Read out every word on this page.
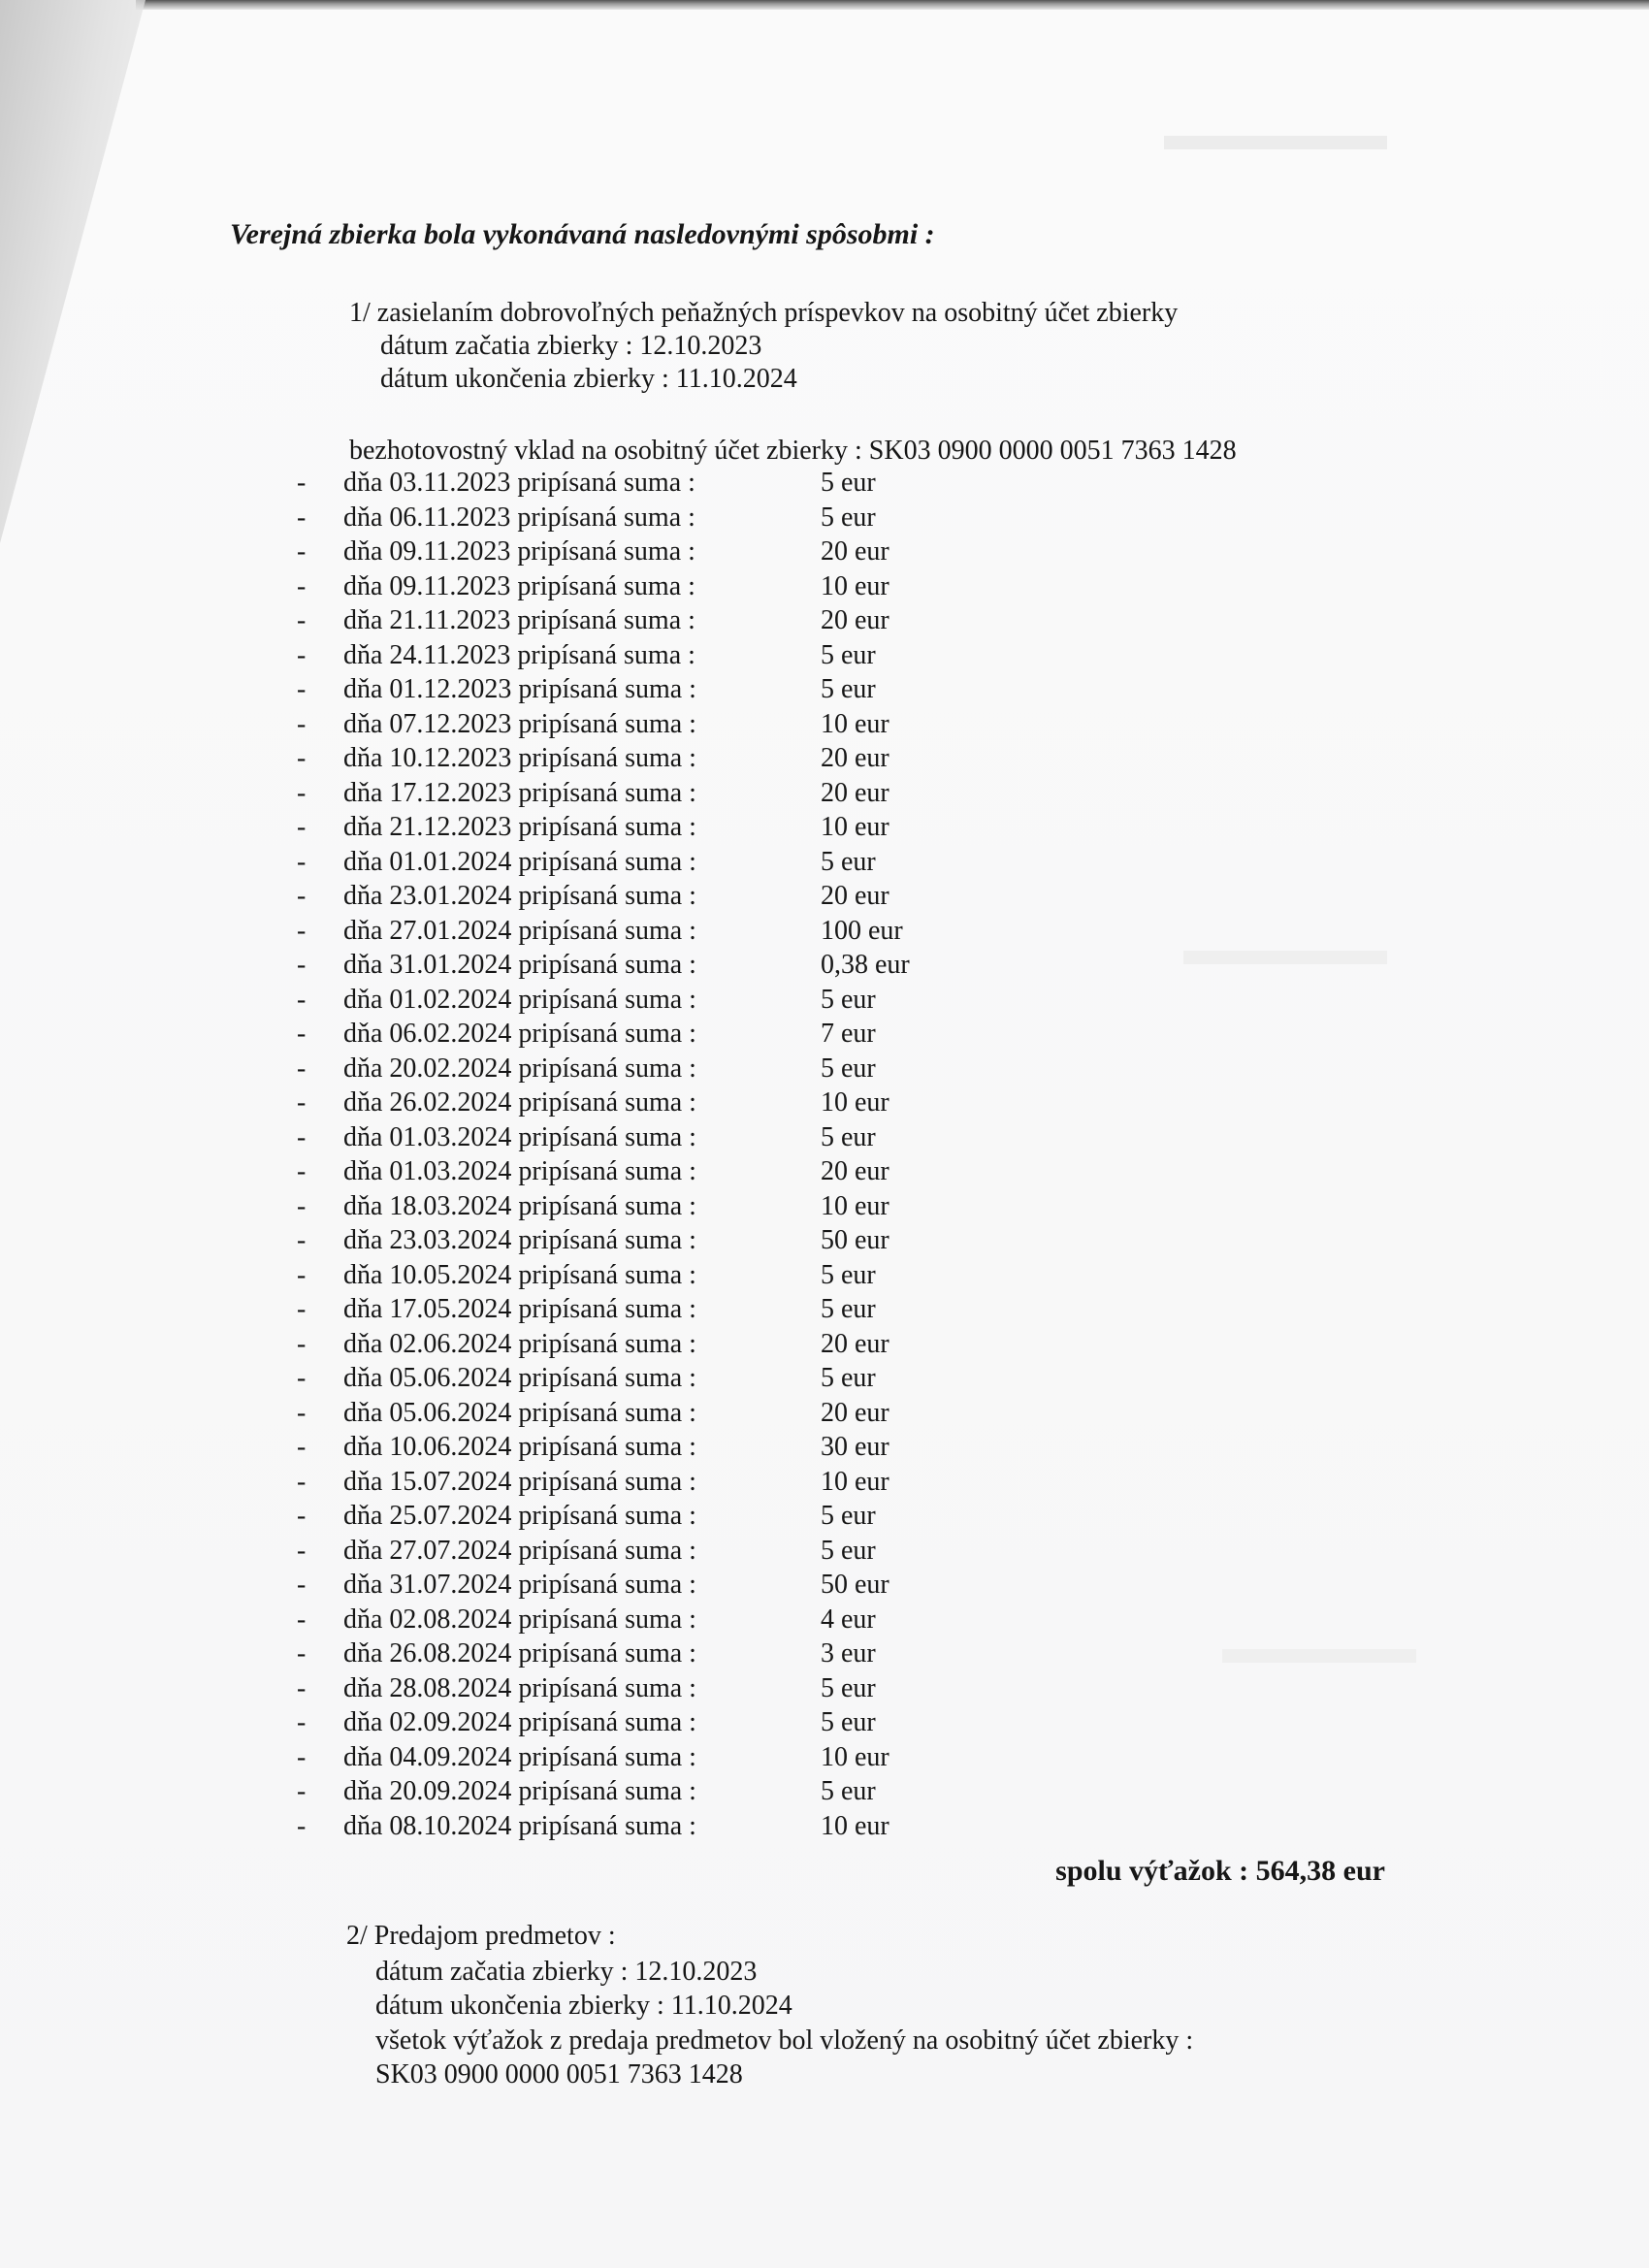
Verejná zbierka bola vykonávaná nasledovnými spôsobmi :
1/ zasielaním dobrovoľných peňažných príspevkov na osobitný účet zbierky
dátum začatia zbierky : 12.10.2023
dátum ukončenia zbierky : 11.10.2024
bezhotovostný vklad na osobitný účet zbierky : SK03 0900 0000 0051 7363 1428
- dňa 03.11.2023 pripísaná suma :	5 eur
- dňa 06.11.2023 pripísaná suma :	5 eur
- dňa 09.11.2023 pripísaná suma :	20 eur
- dňa 09.11.2023 pripísaná suma :	10 eur
- dňa 21.11.2023 pripísaná suma :	20 eur
- dňa 24.11.2023 pripísaná suma :	5 eur
- dňa 01.12.2023 pripísaná suma :	5 eur
- dňa 07.12.2023 pripísaná suma :	10 eur
- dňa 10.12.2023 pripísaná suma :	20 eur
- dňa 17.12.2023 pripísaná suma :	20 eur
- dňa 21.12.2023 pripísaná suma :	10 eur
- dňa 01.01.2024 pripísaná suma :	5 eur
- dňa 23.01.2024 pripísaná suma :	20 eur
- dňa 27.01.2024 pripísaná suma :	100 eur
- dňa 31.01.2024 pripísaná suma :	0,38 eur
- dňa 01.02.2024 pripísaná suma :	5 eur
- dňa 06.02.2024 pripísaná suma :	7 eur
- dňa 20.02.2024 pripísaná suma :	5 eur
- dňa 26.02.2024 pripísaná suma :	10 eur
- dňa 01.03.2024 pripísaná suma :	5 eur
- dňa 01.03.2024 pripísaná suma :	20 eur
- dňa 18.03.2024 pripísaná suma :	10 eur
- dňa 23.03.2024 pripísaná suma :	50 eur
- dňa 10.05.2024 pripísaná suma :	5 eur
- dňa 17.05.2024 pripísaná suma :	5 eur
- dňa 02.06.2024 pripísaná suma :	20 eur
- dňa 05.06.2024 pripísaná suma :	5 eur
- dňa 05.06.2024 pripísaná suma :	20 eur
- dňa 10.06.2024 pripísaná suma :	30 eur
- dňa 15.07.2024 pripísaná suma :	10 eur
- dňa 25.07.2024 pripísaná suma :	5 eur
- dňa 27.07.2024 pripísaná suma :	5 eur
- dňa 31.07.2024 pripísaná suma :	50 eur
- dňa 02.08.2024 pripísaná suma :	4 eur
- dňa 26.08.2024 pripísaná suma :	3 eur
- dňa 28.08.2024 pripísaná suma :	5 eur
- dňa 02.09.2024 pripísaná suma :	5 eur
- dňa 04.09.2024 pripísaná suma :	10 eur
- dňa 20.09.2024 pripísaná suma :	5 eur
- dňa 08.10.2024 pripísaná suma :	10 eur
spolu výťažok : 564,38 eur
2/ Predajom predmetov :
dátum začatia zbierky : 12.10.2023
dátum ukončenia zbierky : 11.10.2024
všetok výťažok z predaja predmetov bol vložený na osobitný účet zbierky :
SK03 0900 0000 0051 7363 1428
